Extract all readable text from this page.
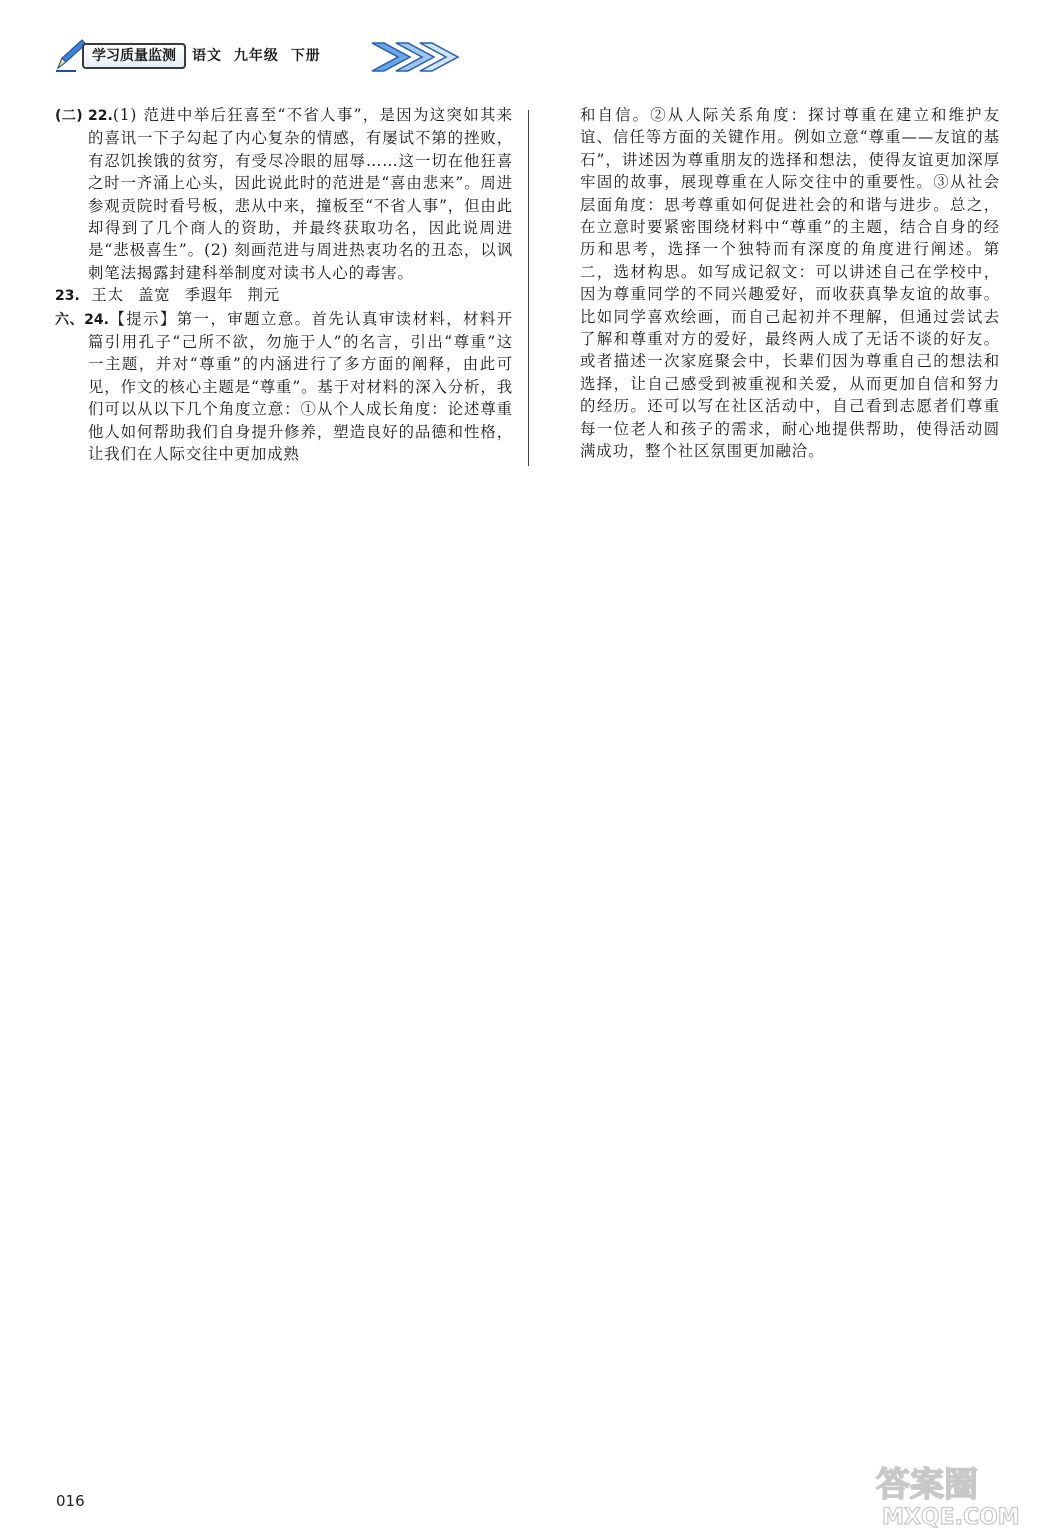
学习质量监测	语文 九年级 下册

(二) 22.(1) 范进中举后狂喜至“不省人事”，是因为这突如其来的喜讯一下子勾起了内心复杂的情感，有屡试不第的挫败，有忍饥挨饿的贫穷，有受尽冷眼的屈辱……这一切在他狂喜之时一齐涌上心头，因此说此时的范进是“喜由悲来”。周进参观贡院时看号板，悲从中来，撞板至“不省人事”，但由此却得到了几个商人的资助，并最终获取功名，因此说周进是“悲极喜生”。(2) 刻画范进与周进热衷功名的丑态，以讽刺笔法揭露封建科举制度对读书人心的毒害。

23. 王太 盖宽 季遐年 荆元

六、24.【提示】第一，审题立意。首先认真审读材料，材料开篇引用孔子“己所不欲，勿施于人”的名言，引出“尊重”这一主题，并对“尊重”的内涵进行了多方面的阐释，由此可见，作文的核心主题是“尊重”。基于对材料的深入分析，我们可以从以下几个角度立意：①从个人成长角度：论述尊重他人如何帮助我们自身提升修养，塑造良好的品德和性格，让我们在人际交往中更加成熟

和自信。②从人际关系角度：探讨尊重在建立和维护友谊、信任等方面的关键作用。例如立意“尊重——友谊的基石”，讲述因为尊重朋友的选择和想法，使得友谊更加深厚牢固的故事，展现尊重在人际交往中的重要性。③从社会层面角度：思考尊重如何促进社会的和谐与进步。总之，在立意时要紧密围绕材料中“尊重”的主题，结合自身的经历和思考，选择一个独特而有深度的角度进行阐述。第二，选材构思。如写成记叙文：可以讲述自己在学校中，因为尊重同学的不同兴趣爱好，而收获真挚友谊的故事。比如同学喜欢绘画，而自己起初并不理解，但通过尝试去了解和尊重对方的爱好，最终两人成了无话不谈的好友。或者描述一次家庭聚会中，长辈们因为尊重自己的想法和选择，让自己感受到被重视和关爱，从而更加自信和努力的经历。还可以写在社区活动中，自己看到志愿者们尊重每一位老人和孩子的需求，耐心地提供帮助，使得活动圆满成功，整个社区氛围更加融洽。

016	答案圈
MXQE.COM
